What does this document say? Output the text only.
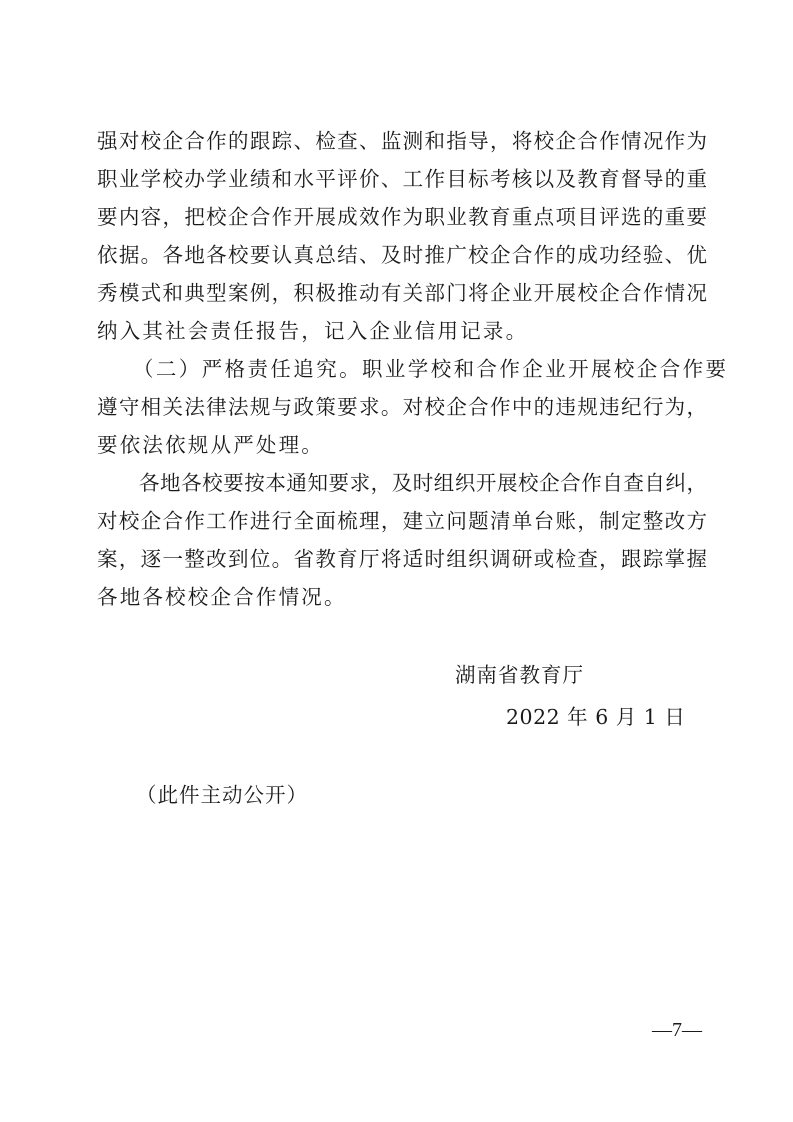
强对校企合作的跟踪、检查、监测和指导，将校企合作情况作为
职业学校办学业绩和水平评价、工作目标考核以及教育督导的重
要内容，把校企合作开展成效作为职业教育重点项目评选的重要
依据。各地各校要认真总结、及时推广校企合作的成功经验、优
秀模式和典型案例，积极推动有关部门将企业开展校企合作情况
纳入其社会责任报告，记入企业信用记录。
（二）严格责任追究。职业学校和合作企业开展校企合作要
遵守相关法律法规与政策要求。对校企合作中的违规违纪行为，
要依法依规从严处理。
各地各校要按本通知要求，及时组织开展校企合作自查自纠，
对校企合作工作进行全面梳理，建立问题清单台账，制定整改方
案，逐一整改到位。省教育厅将适时组织调研或检查，跟踪掌握
各地各校校企合作情况。
湖南省教育厅
2022 年 6 月 1 日
（此件主动公开）
—7—
